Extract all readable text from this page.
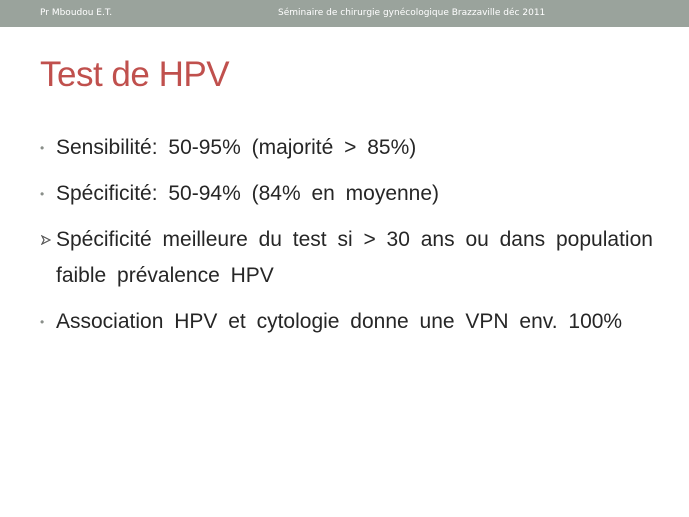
Pr Mboudou E.T.	Séminaire de chirurgie gynécologique Brazzaville déc 2011
Test de HPV
• Sensibilité: 50-95% (majorité > 85%)
• Spécificité: 50-94% (84% en moyenne)
Spécificité meilleure du test si > 30 ans ou dans population faible prévalence HPV
• Association HPV et cytologie donne une VPN env. 100%
